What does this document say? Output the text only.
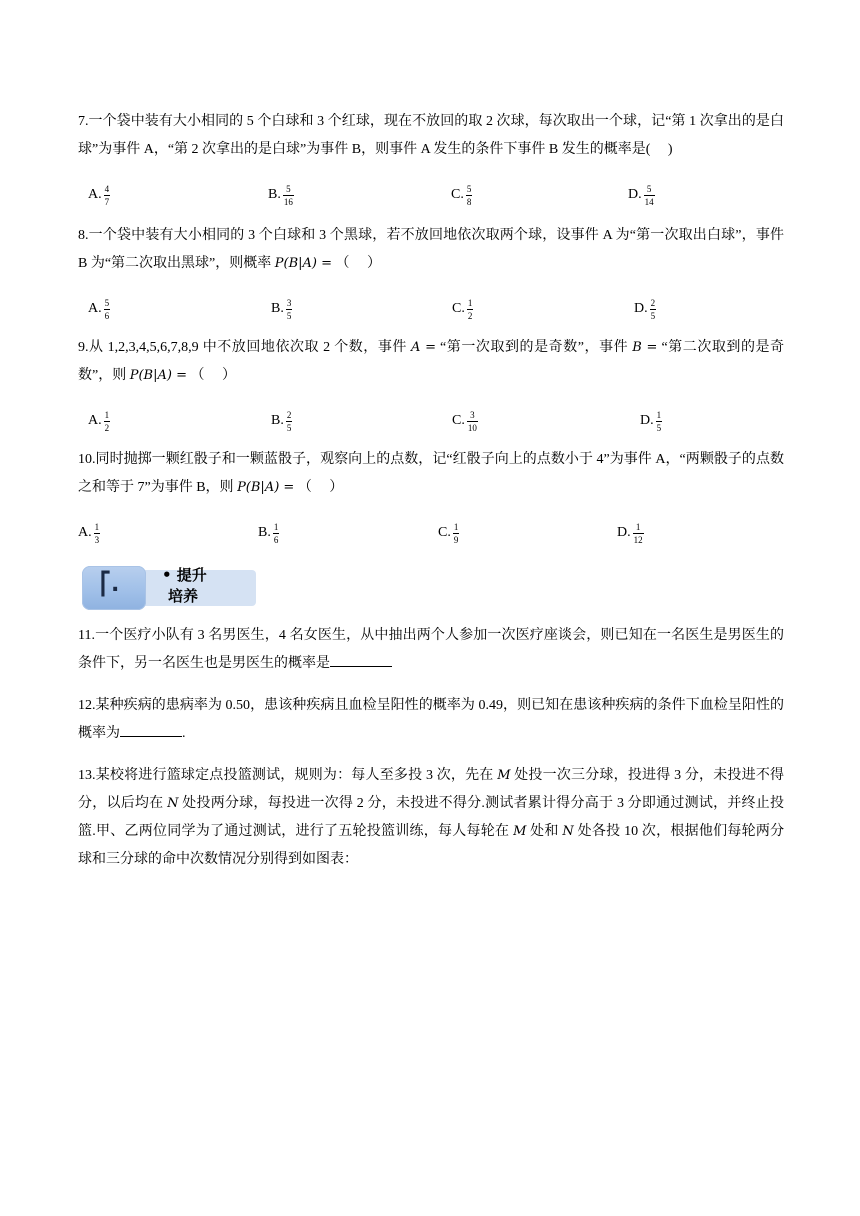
7.一个袋中装有大小相同的 5 个白球和 3 个红球，现在不放回的取 2 次球，每次取出一个球，记“第 1 次拿出的是白球”为事件 A，“第 2 次拿出的是白球”为事件 B，则事件 A 发生的条件下事件 B 发生的概率是(　 )
A. $\frac{4}{7}$	B. $\frac{5}{16}$	C. $\frac{5}{8}$	D. $\frac{5}{14}$
8.一个袋中装有大小相同的 3 个白球和 3 个黑球，若不放回地依次取两个球，设事件 A 为“第一次取出白球”，事件 B 为“第二次取出黑球”，则概率 P(B|A) = （　 ）
A. $\frac{5}{6}$	B. $\frac{3}{5}$	C. $\frac{1}{2}$	D. $\frac{2}{5}$
9.从 1,2,3,4,5,6,7,8,9 中不放回地依次取 2 个数，事件 A = “第一次取到的是奇数”，事件 B = “第二次取到的是奇数”，则 P(B|A) = （　 ）
A. $\frac{1}{2}$	B. $\frac{2}{5}$	C. $\frac{3}{10}$	D. $\frac{1}{5}$
10.同时抛掷一颗红骰子和一颗蓝骰子，观察向上的点数，记“红骰子向上的点数小于 4”为事件 A，“两颗骰子的点数之和等于 7”为事件 B，则 P(B|A) = （　 ）
A. $\frac{1}{3}$	B. $\frac{1}{6}$	C. $\frac{1}{9}$	D. $\frac{1}{12}$
⎡.	• 提升
培养
11.一个医疗小队有 3 名男医生，4 名女医生，从中抽出两个人参加一次医疗座谈会，则已知在一名医生是男医生的条件下，另一名医生也是男医生的概率是
12.某种疾病的患病率为 0.50，患该种疾病且血检呈阳性的概率为 0.49，则已知在患该种疾病的条件下血检呈阳性的概率为	.
13.某校将进行篮球定点投篮测试，规则为：每人至多投 3 次，先在 M 处投一次三分球，投进得 3 分，未投进不得分，以后均在 N 处投两分球，每投进一次得 2 分，未投进不得分.测试者累计得分高于 3 分即通过测试，并终止投篮.甲、乙两位同学为了通过测试，进行了五轮投篮训练，每人每轮在 M 处和 N 处各投 10 次，根据他们每轮两分球和三分球的命中次数情况分别得到如图表：
